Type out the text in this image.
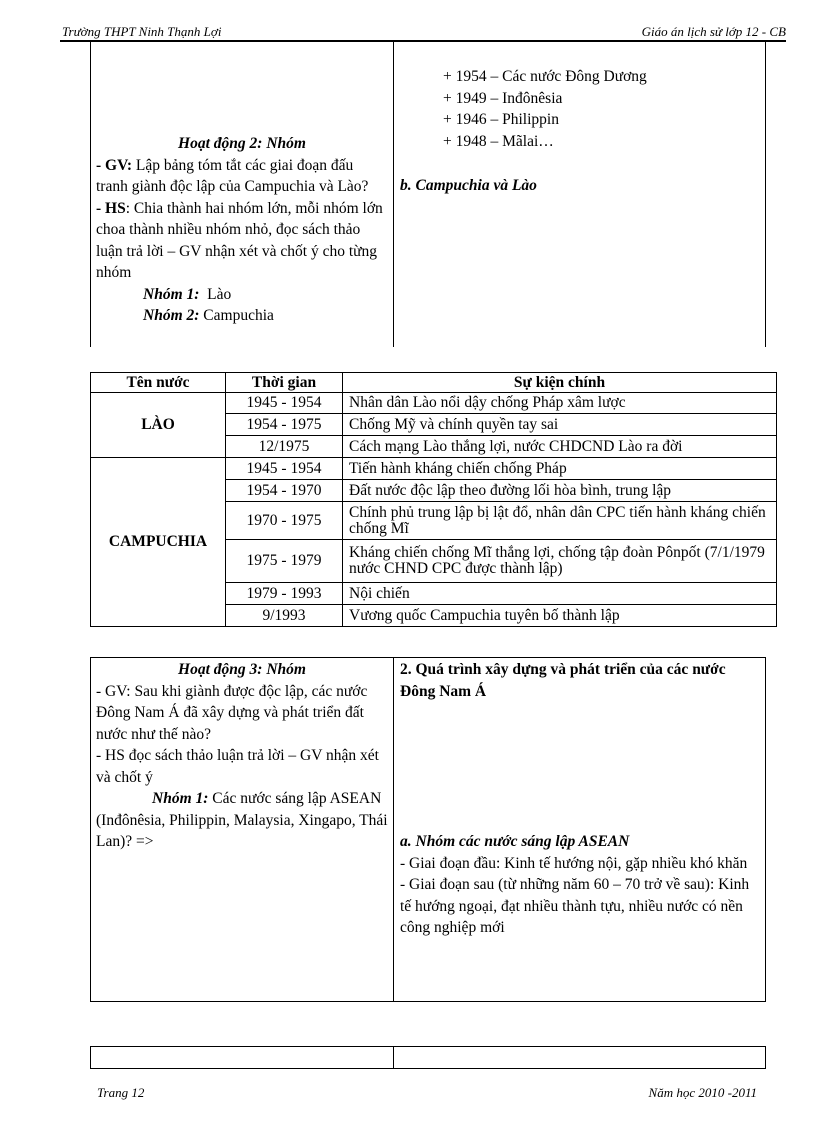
Trường THPT Ninh Thạnh Lợi	Giáo án lịch sử lớp 12 - CB
Hoạt động 2: Nhóm
- GV: Lập bảng tóm tắt các giai đoạn đấu tranh giành độc lập của Campuchia và Lào?
- HS: Chia thành hai nhóm lớn, mỗi nhóm lớn choa thành nhiều nhóm nhỏ, đọc sách thảo luận trả lời – GV nhận xét và chốt ý cho từng nhóm
Nhóm 1: Lào
Nhóm 2: Campuchia
+ 1954 – Các nước Đông Dương
+ 1949 – Inđônêsia
+ 1946 – Philippin
+ 1948 – Mãlai…
b. Campuchia và Lào
Tên nước	Thời gian	Sự kiện chính
LÀO	1945 - 1954	Nhân dân Lào nổi dậy chống Pháp xâm lược
	1954 - 1975	Chống Mỹ và chính quyền tay sai
	12/1975	Cách mạng Lào thắng lợi, nước CHDCND Lào ra đời
CAMPUCHIA	1945 - 1954	Tiến hành kháng chiến chống Pháp
	1954 - 1970	Đất nước độc lập theo đường lối hòa bình, trung lập
	1970 - 1975	Chính phủ trung lập bị lật đổ, nhân dân CPC tiến hành kháng chiến chống Mĩ
	1975 - 1979	Kháng chiến chống Mĩ thắng lợi, chống tập đoàn Pônpốt (7/1/1979 nước CHND CPC được thành lập)
	1979 - 1993	Nội chiến
	9/1993	Vương quốc Campuchia tuyên bố thành lập
Hoạt động 3: Nhóm
- GV: Sau khi giành được độc lập, các nước Đông Nam Á đã xây dựng và phát triển đất nước như thế nào?
- HS đọc sách thảo luận trả lời – GV nhận xét và chốt ý
Nhóm 1: Các nước sáng lập ASEAN (Inđônêsia, Philippin, Malaysia, Xingapo, Thái Lan)? =>
2. Quá trình xây dựng và phát triển của các nước Đông Nam Á
a. Nhóm các nước sáng lập ASEAN
- Giai đoạn đầu: Kinh tế hướng nội, gặp nhiều khó khăn
- Giai đoạn sau (từ những năm 60 – 70 trở về sau): Kinh tế hướng ngoại, đạt nhiều thành tựu, nhiều nước có nền công nghiệp mới
Trang 12	Năm học 2010 -2011
